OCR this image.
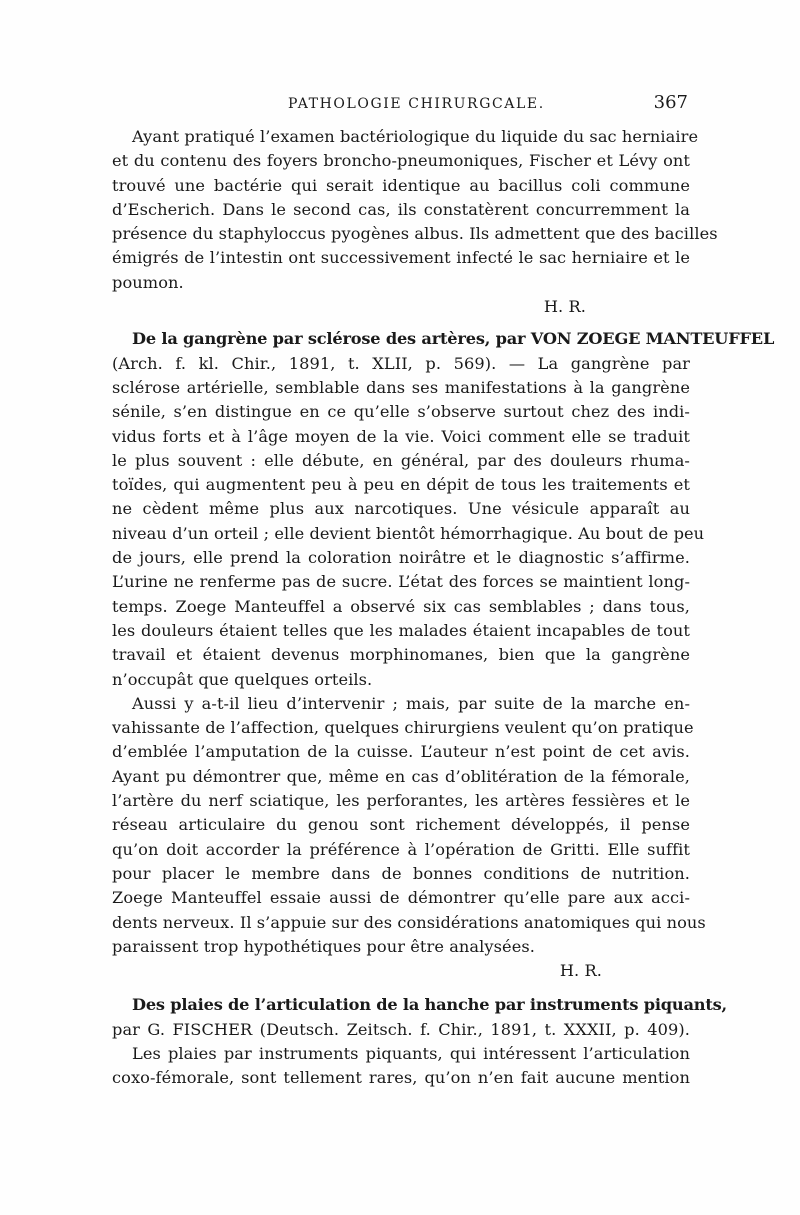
PATHOLOGIE CHIRURGCALE.	367
Ayant pratiqué l’examen bactériologique du liquide du sac herniaire
et du contenu des foyers broncho-pneumoniques, Fischer et Lévy ont
trouvé une bactérie qui serait identique au bacillus coli commune
d’Escherich. Dans le second cas, ils constatèrent concurremment la
présence du staphyloccus pyogènes albus. Ils admettent que des bacilles
émigrés de l’intestin ont successivement infecté le sac herniaire et le
poumon.
H. R.
De la gangrène par sclérose des artères, par VON ZOEGE MANTEUFFEL
(Arch. f. kl. Chir., 1891, t. XLII, p. 569). — La gangrène par
sclérose artérielle, semblable dans ses manifestations à la gangrène
sénile, s’en distingue en ce qu’elle s’observe surtout chez des indi-
vidus forts et à l’âge moyen de la vie. Voici comment elle se traduit
le plus souvent : elle débute, en général, par des douleurs rhuma-
toïdes, qui augmentent peu à peu en dépit de tous les traitements et
ne cèdent même plus aux narcotiques. Une vésicule apparaît au
niveau d’un orteil ; elle devient bientôt hémorrhagique. Au bout de peu
de jours, elle prend la coloration noirâtre et le diagnostic s’affirme.
L’urine ne renferme pas de sucre. L’état des forces se maintient long-
temps. Zoege Manteuffel a observé six cas semblables ; dans tous,
les douleurs étaient telles que les malades étaient incapables de tout
travail et étaient devenus morphinomanes, bien que la gangrène
n’occupât que quelques orteils.
Aussi y a-t-il lieu d’intervenir ; mais, par suite de la marche en-
vahissante de l’affection, quelques chirurgiens veulent qu’on pratique
d’emblée l’amputation de la cuisse. L’auteur n’est point de cet avis.
Ayant pu démontrer que, même en cas d’oblitération de la fémorale,
l’artère du nerf sciatique, les perforantes, les artères fessières et le
réseau articulaire du genou sont richement développés, il pense
qu’on doit accorder la préférence à l’opération de Gritti. Elle suffit
pour placer le membre dans de bonnes conditions de nutrition.
Zoege Manteuffel essaie aussi de démontrer qu’elle pare aux acci-
dents nerveux. Il s’appuie sur des considérations anatomiques qui nous
paraissent trop hypothétiques pour être analysées.
H. R.
Des plaies de l’articulation de la hanche par instruments piquants,
par G. FISCHER (Deutsch. Zeitsch. f. Chir., 1891, t. XXXII, p. 409).
Les plaies par instruments piquants, qui intéressent l’articulation
coxo-fémorale, sont tellement rares, qu’on n’en fait aucune mention
